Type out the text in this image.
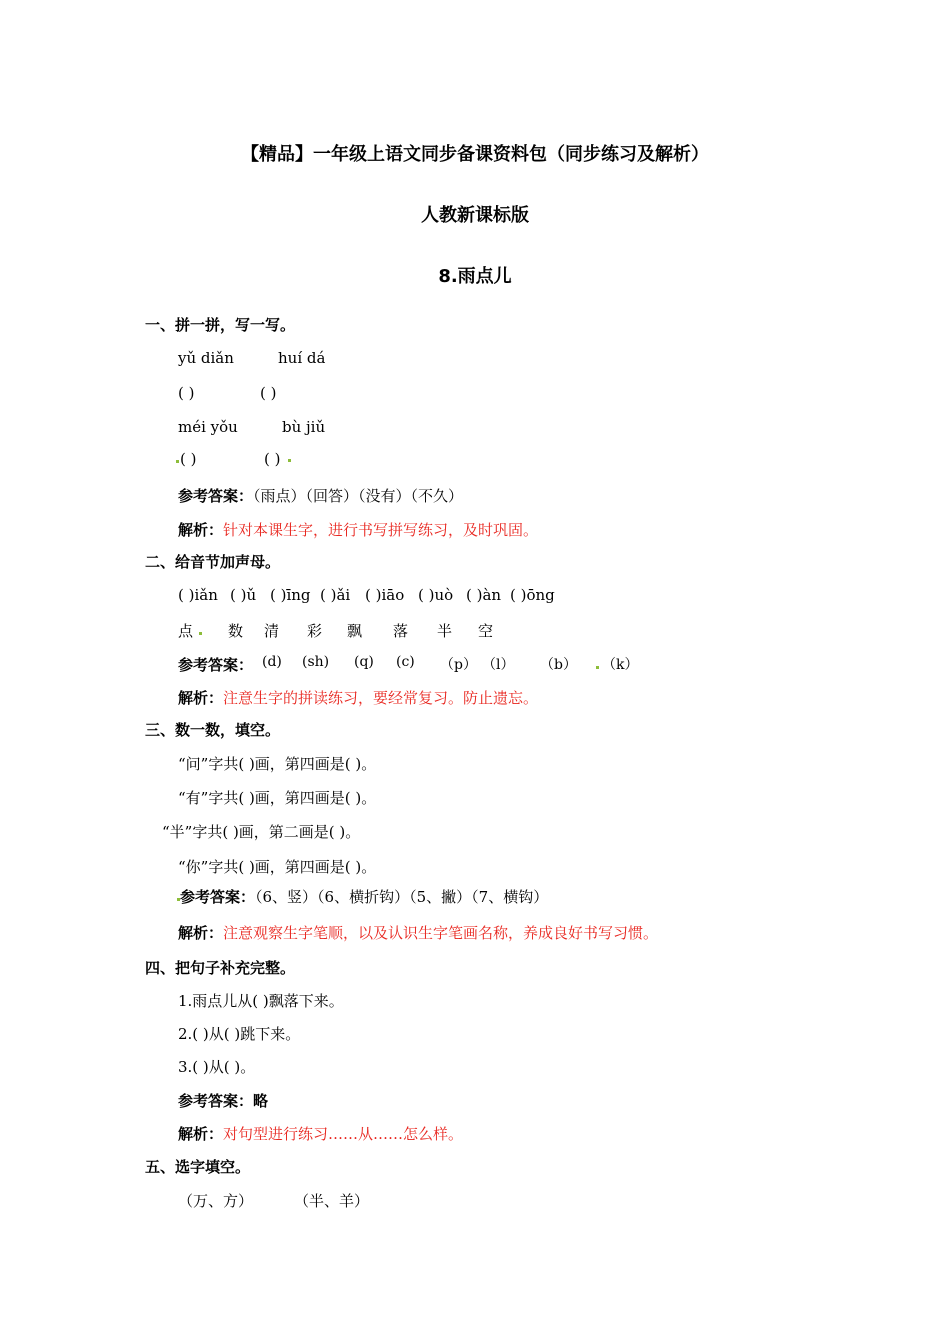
【精品】一年级上语文同步备课资料包（同步练习及解析）
人教新课标版
8.雨点儿
一、拼一拼，写一写。
yǔ diǎn	huí dá
( )	( )
méi yǒu	bù jiǔ
( )	( )
参考答案：（雨点）（回答）（没有）（不久）
解析：针对本课生字，进行书写拼写练习，及时巩固。
二、给音节加声母。
( )iǎn ( )ǔ ( )īng ( )ǎi ( )iāo ( )uò ( )àn ( )ōng
点 数 清 彩 飘 落 半 空
参考答案： (d) (sh) (q) (c) （p） （l） （b） （k）
解析：注意生字的拼读练习，要经常复习。防止遗忘。
三、数一数，填空。
“问”字共( )画，第四画是( )。
“有”字共( )画，第四画是( )。
“半”字共( )画，第二画是( )。
“你”字共( )画，第四画是( )。
参考答案：（6、竖）（6、横折钩）（5、撇）（7、横钩）
解析：注意观察生字笔顺，以及认识生字笔画名称，养成良好书写习惯。
四、把句子补充完整。
1.雨点儿从( )飘落下来。
2.( )从( )跳下来。
3.( )从( )。
参考答案：略
解析：对句型进行练习……从……怎么样。
五、选字填空。
（万、方）	（半、羊）
